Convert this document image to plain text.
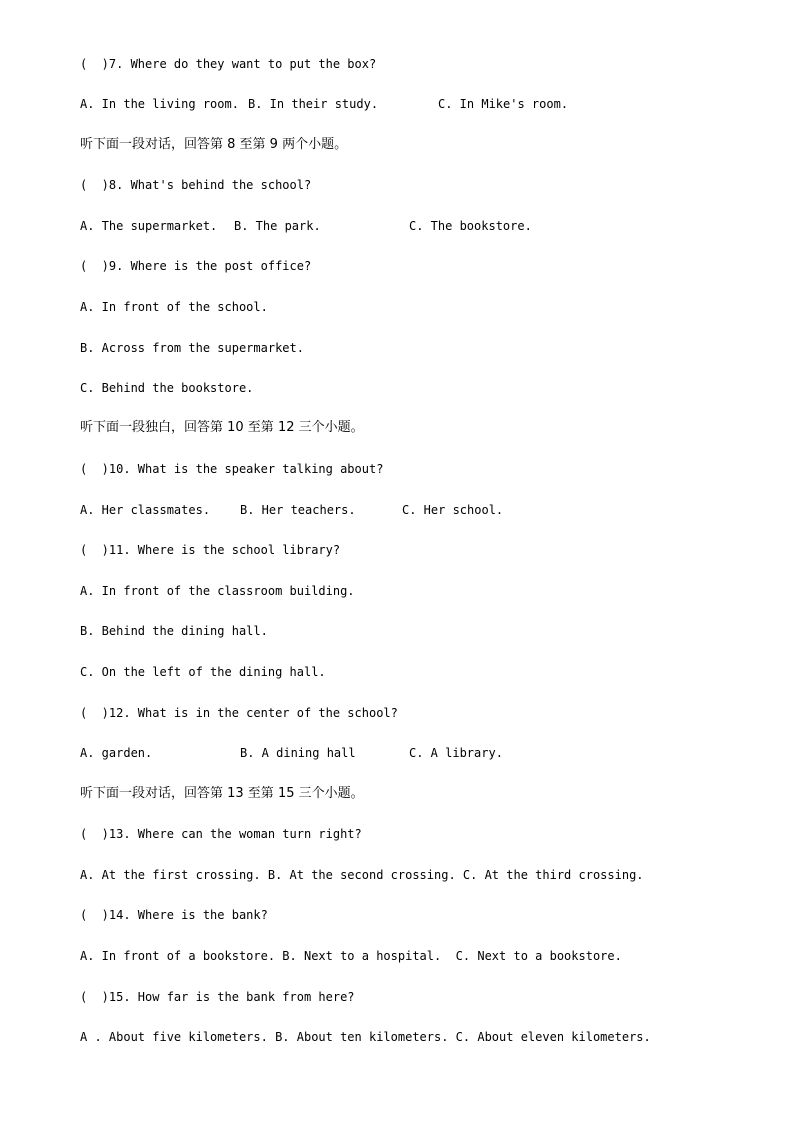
(  )7. Where do they want to put the box?
A. In the living room. B. In their study.	C. In Mike's room.
听下面一段对话，回答第 8 至第 9 两个小题。
(  )8. What's behind the school?
A. The supermarket. B. The park.	C. The bookstore.
(  )9. Where is the post office?
A. In front of the school.
B. Across from the supermarket.
C. Behind the bookstore.
听下面一段独白，回答第 10 至第 12 三个小题。
(  )10. What is the speaker talking about?
A. Her classmates. B. Her teachers.	C. Her school.
(  )11. Where is the school library?
A. In front of the classroom building.
B. Behind the dining hall.
C. On the left of the dining hall.
(  )12. What is in the center of the school?
A. garden.	B. A dining hall	C. A library.
听下面一段对话，回答第 13 至第 15 三个小题。
(  )13. Where can the woman turn right?
A. At the first crossing. B. At the second crossing. C. At the third crossing.
(  )14. Where is the bank?
A. In front of a bookstore. B. Next to a hospital.  C. Next to a bookstore.
(  )15. How far is the bank from here?
A . About five kilometers. B. About ten kilometers. C. About eleven kilometers.
